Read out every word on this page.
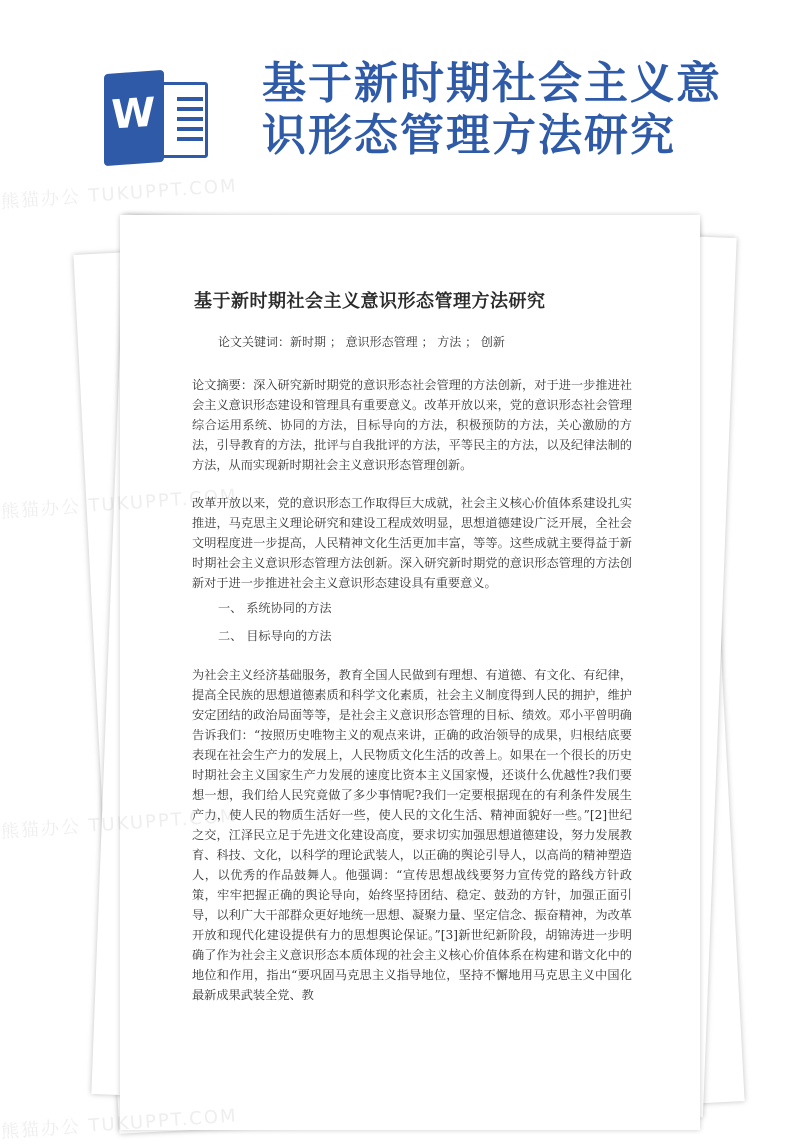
W
基于新时期社会主义意识形态管理方法研究
基于新时期社会主义意识形态管理方法研究
论文关键词：新时期 ； 意识形态管理 ； 方法 ； 创新
论文摘要：深入研究新时期党的意识形态社会管理的方法创新，对于进一步推进社会主义意识形态建设和管理具有重要意义。改革开放以来，党的意识形态社会管理综合运用系统、协同的方法，目标导向的方法，积极预防的方法，关心激励的方法，引导教育的方法，批评与自我批评的方法，平等民主的方法，以及纪律法制的方法，从而实现新时期社会主义意识形态管理创新。
改革开放以来，党的意识形态工作取得巨大成就，社会主义核心价值体系建设扎实推进，马克思主义理论研究和建设工程成效明显，思想道德建设广泛开展，全社会文明程度进一步提高，人民精神文化生活更加丰富，等等。这些成就主要得益于新时期社会主义意识形态管理方法创新。深入研究新时期党的意识形态管理的方法创新对于进一步推进社会主义意识形态建设具有重要意义。
一、 系统协同的方法
二、 目标导向的方法
为社会主义经济基础服务，教育全国人民做到有理想、有道德、有文化、有纪律，提高全民族的思想道德素质和科学文化素质，社会主义制度得到人民的拥护，维护安定团结的政治局面等等，是社会主义意识形态管理的目标、绩效。邓小平曾明确告诉我们：“按照历史唯物主义的观点来讲，正确的政治领导的成果，归根结底要表现在社会生产力的发展上，人民物质文化生活的改善上。如果在一个很长的历史时期社会主义国家生产力发展的速度比资本主义国家慢，还谈什么优越性?我们要想一想，我们给人民究竟做了多少事情呢?我们一定要根据现在的有利条件发展生产力，使人民的物质生活好一些，使人民的文化生活、精神面貌好一些。”[2]世纪之交，江泽民立足于先进文化建设高度，要求切实加强思想道德建设，努力发展教育、科技、文化，以科学的理论武装人，以正确的舆论引导人，以高尚的精神塑造人，以优秀的作品鼓舞人。他强调：“宣传思想战线要努力宣传党的路线方针政策，牢牢把握正确的舆论导向，始终坚持团结、稳定、鼓劲的方针，加强正面引导，以利广大干部群众更好地统一思想、凝聚力量、坚定信念、振奋精神，为改革开放和现代化建设提供有力的思想舆论保证。”[3]新世纪新阶段，胡锦涛进一步明确了作为社会主义意识形态本质体现的社会主义核心价值体系在构建和谐文化中的地位和作用，指出“要巩固马克思主义指导地位，坚持不懈地用马克思主义中国化最新成果武装全党、教
熊猫办公 TUKUPPT.COM
熊猫办公
熊猫办公
熊猫办公
